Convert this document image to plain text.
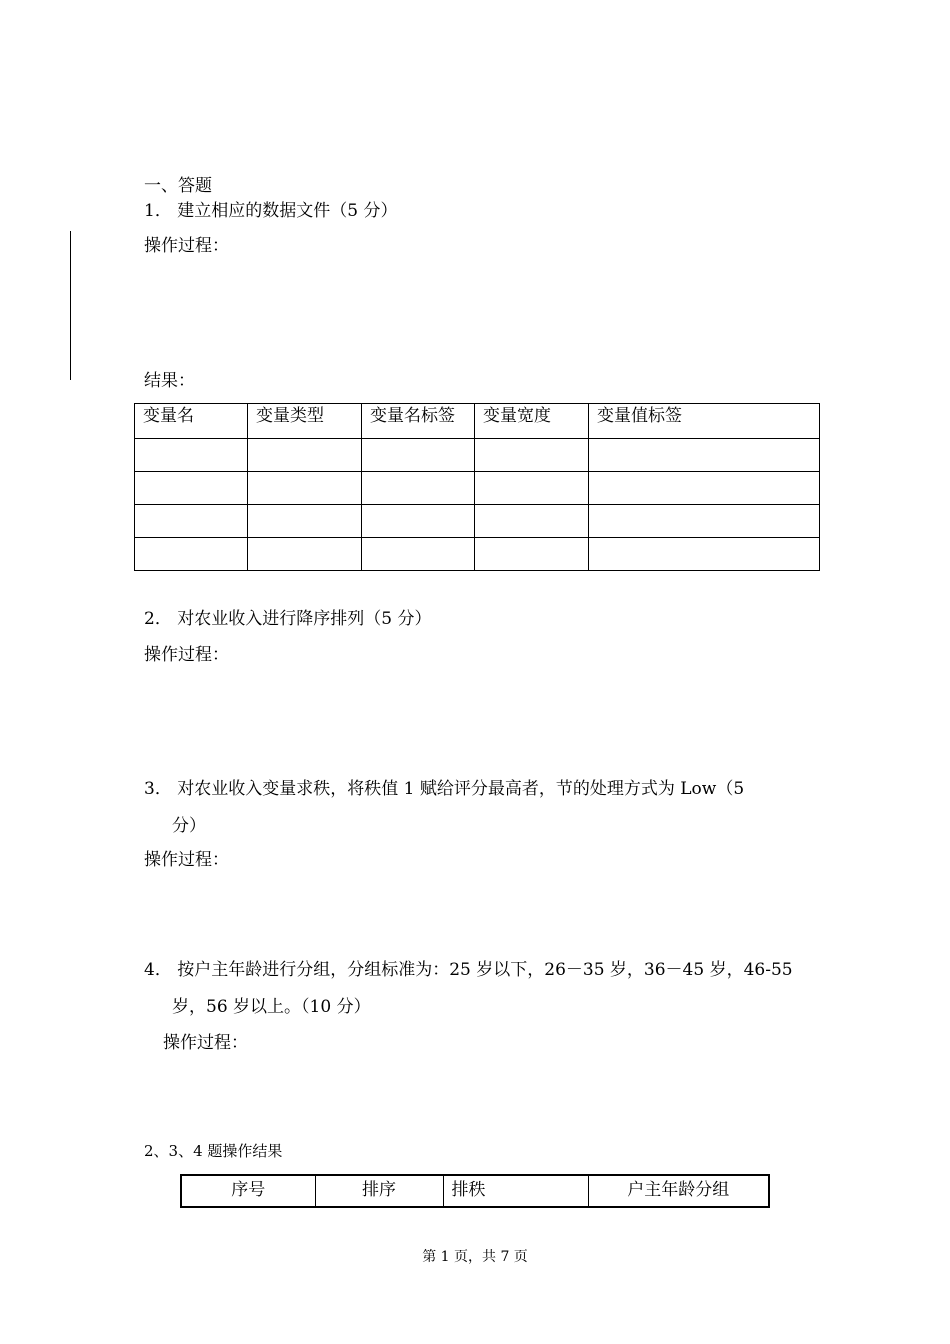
一、答题
1． 建立相应的数据文件（5 分）
操作过程：
结果：
变量名	变量类型	变量名标签	变量宽度	变量值标签

2． 对农业收入进行降序排列（5 分）
操作过程：
3． 对农业收入变量求秩，将秩值 1 赋给评分最高者，节的处理方式为 Low（5
分）
操作过程：
4． 按户主年龄进行分组，分组标准为：25 岁以下，26－35 岁，36－45 岁，46-55
岁，56 岁以上。（10 分）
操作过程：
2、3、4 题操作结果
序号	排序	排秩	户主年龄分组
第 1 页，共 7 页
